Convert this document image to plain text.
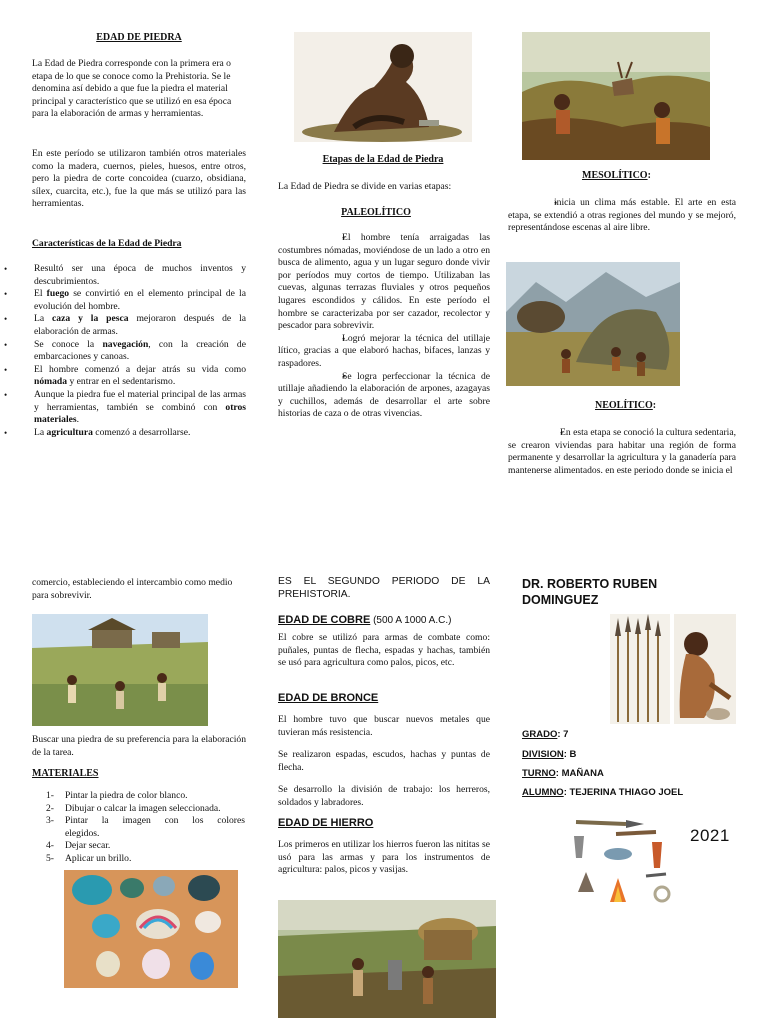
EDAD DE PIEDRA
La Edad de Piedra corresponde con la primera era o etapa de lo que se conoce como la Prehistoria. Se le denomina así debido a que fue la piedra el material principal y característico que se utilizó en esa época para la elaboración de armas y herramientas.
En este período se utilizaron también otros materiales como la madera, cuernos, pieles, huesos, entre otros, pero la piedra de corte concoidea (cuarzo, obsidiana, sílex, cuarcita, etc.), fue la que más se utilizó para las herramientas.
Características de la Edad de Piedra
• Resultó ser una época de muchos inventos y descubrimientos.
• El fuego se convirtió en el elemento principal de la evolución del hombre.
• La caza y la pesca mejoraron después de la elaboración de armas.
• Se conoce la navegación, con la creación de embarcaciones y canoas.
• El hombre comenzó a dejar atrás su vida como nómada y entrar en el sedentarismo.
• Aunque la piedra fue el material principal de las armas y herramientas, también se combinó con otros materiales.
• La agricultura comenzó a desarrollarse.
Etapas de la Edad de Piedra
La Edad de Piedra se divide en varias etapas:
PALEOLÍTICO
• El hombre tenía arraigadas las costumbres nómadas, moviéndose de un lado a otro en busca de alimento, agua y un lugar seguro donde vivir por períodos muy cortos de tiempo. Utilizaban las cuevas, algunas terrazas fluviales y otros pequeños lugares escondidos y cálidos. En este período el hombre se caracterizaba por ser cazador, recolector y pescador para sobrevivir.
• Logró mejorar la técnica del utillaje lítico, gracias a que elaboró hachas, bifaces, lanzas y raspadores.
• Se logra perfeccionar la técnica de utillaje añadiendo la elaboración de arpones, azagayas y cuchillos, además de desarrollar el arte sobre historias de caza o de otras vivencias.
MESOLÍTICO:
• inicia un clima más estable. El arte en esta etapa, se extendió a otras regiones del mundo y se mejoró, representándose escenas al aire libre.
NEOLÍTICO:
• En esta etapa se conoció la cultura sedentaria, se crearon viviendas para habitar una región de forma permanente y desarrollar la agricultura y la ganadería para mantenerse alimentados. en este periodo donde se inicia el
comercio, estableciendo el intercambio como medio para sobrevivir.
Buscar una piedra de su preferencia para la elaboración de la tarea.
MATERIALES
1-	Pintar la piedra de color blanco.
2-	Dibujar o calcar la imagen seleccionada.
3-	Pintar la imagen con los colores elegidos.
4-	Dejar secar.
5-	Aplicar un brillo.
ES EL SEGUNDO PERIODO DE LA PREHISTORIA.
EDAD DE COBRE (500 A 1000 A.C.)
El cobre se utilizó para armas de combate como: puñales, puntas de flecha, espadas y hachas, también se usó para agricultura como palos, picos, etc.
EDAD DE BRONCE
El hombre tuvo que buscar nuevos metales que tuvieran más resistencia.
Se realizaron espadas, escudos, hachas y puntas de flecha.
Se desarrollo la división de trabajo: los herreros, soldados y labradores.
EDAD DE HIERRO
Los primeros en utilizar los hierros fueron las nititas se usó para las armas y para los instrumentos de agricultura: palos, picos y vasijas.
DR. ROBERTO RUBEN DOMINGUEZ
GRADO: 7
DIVISION: B
TURNO: MAÑANA
ALUMNO: TEJERINA THIAGO JOEL
2021
